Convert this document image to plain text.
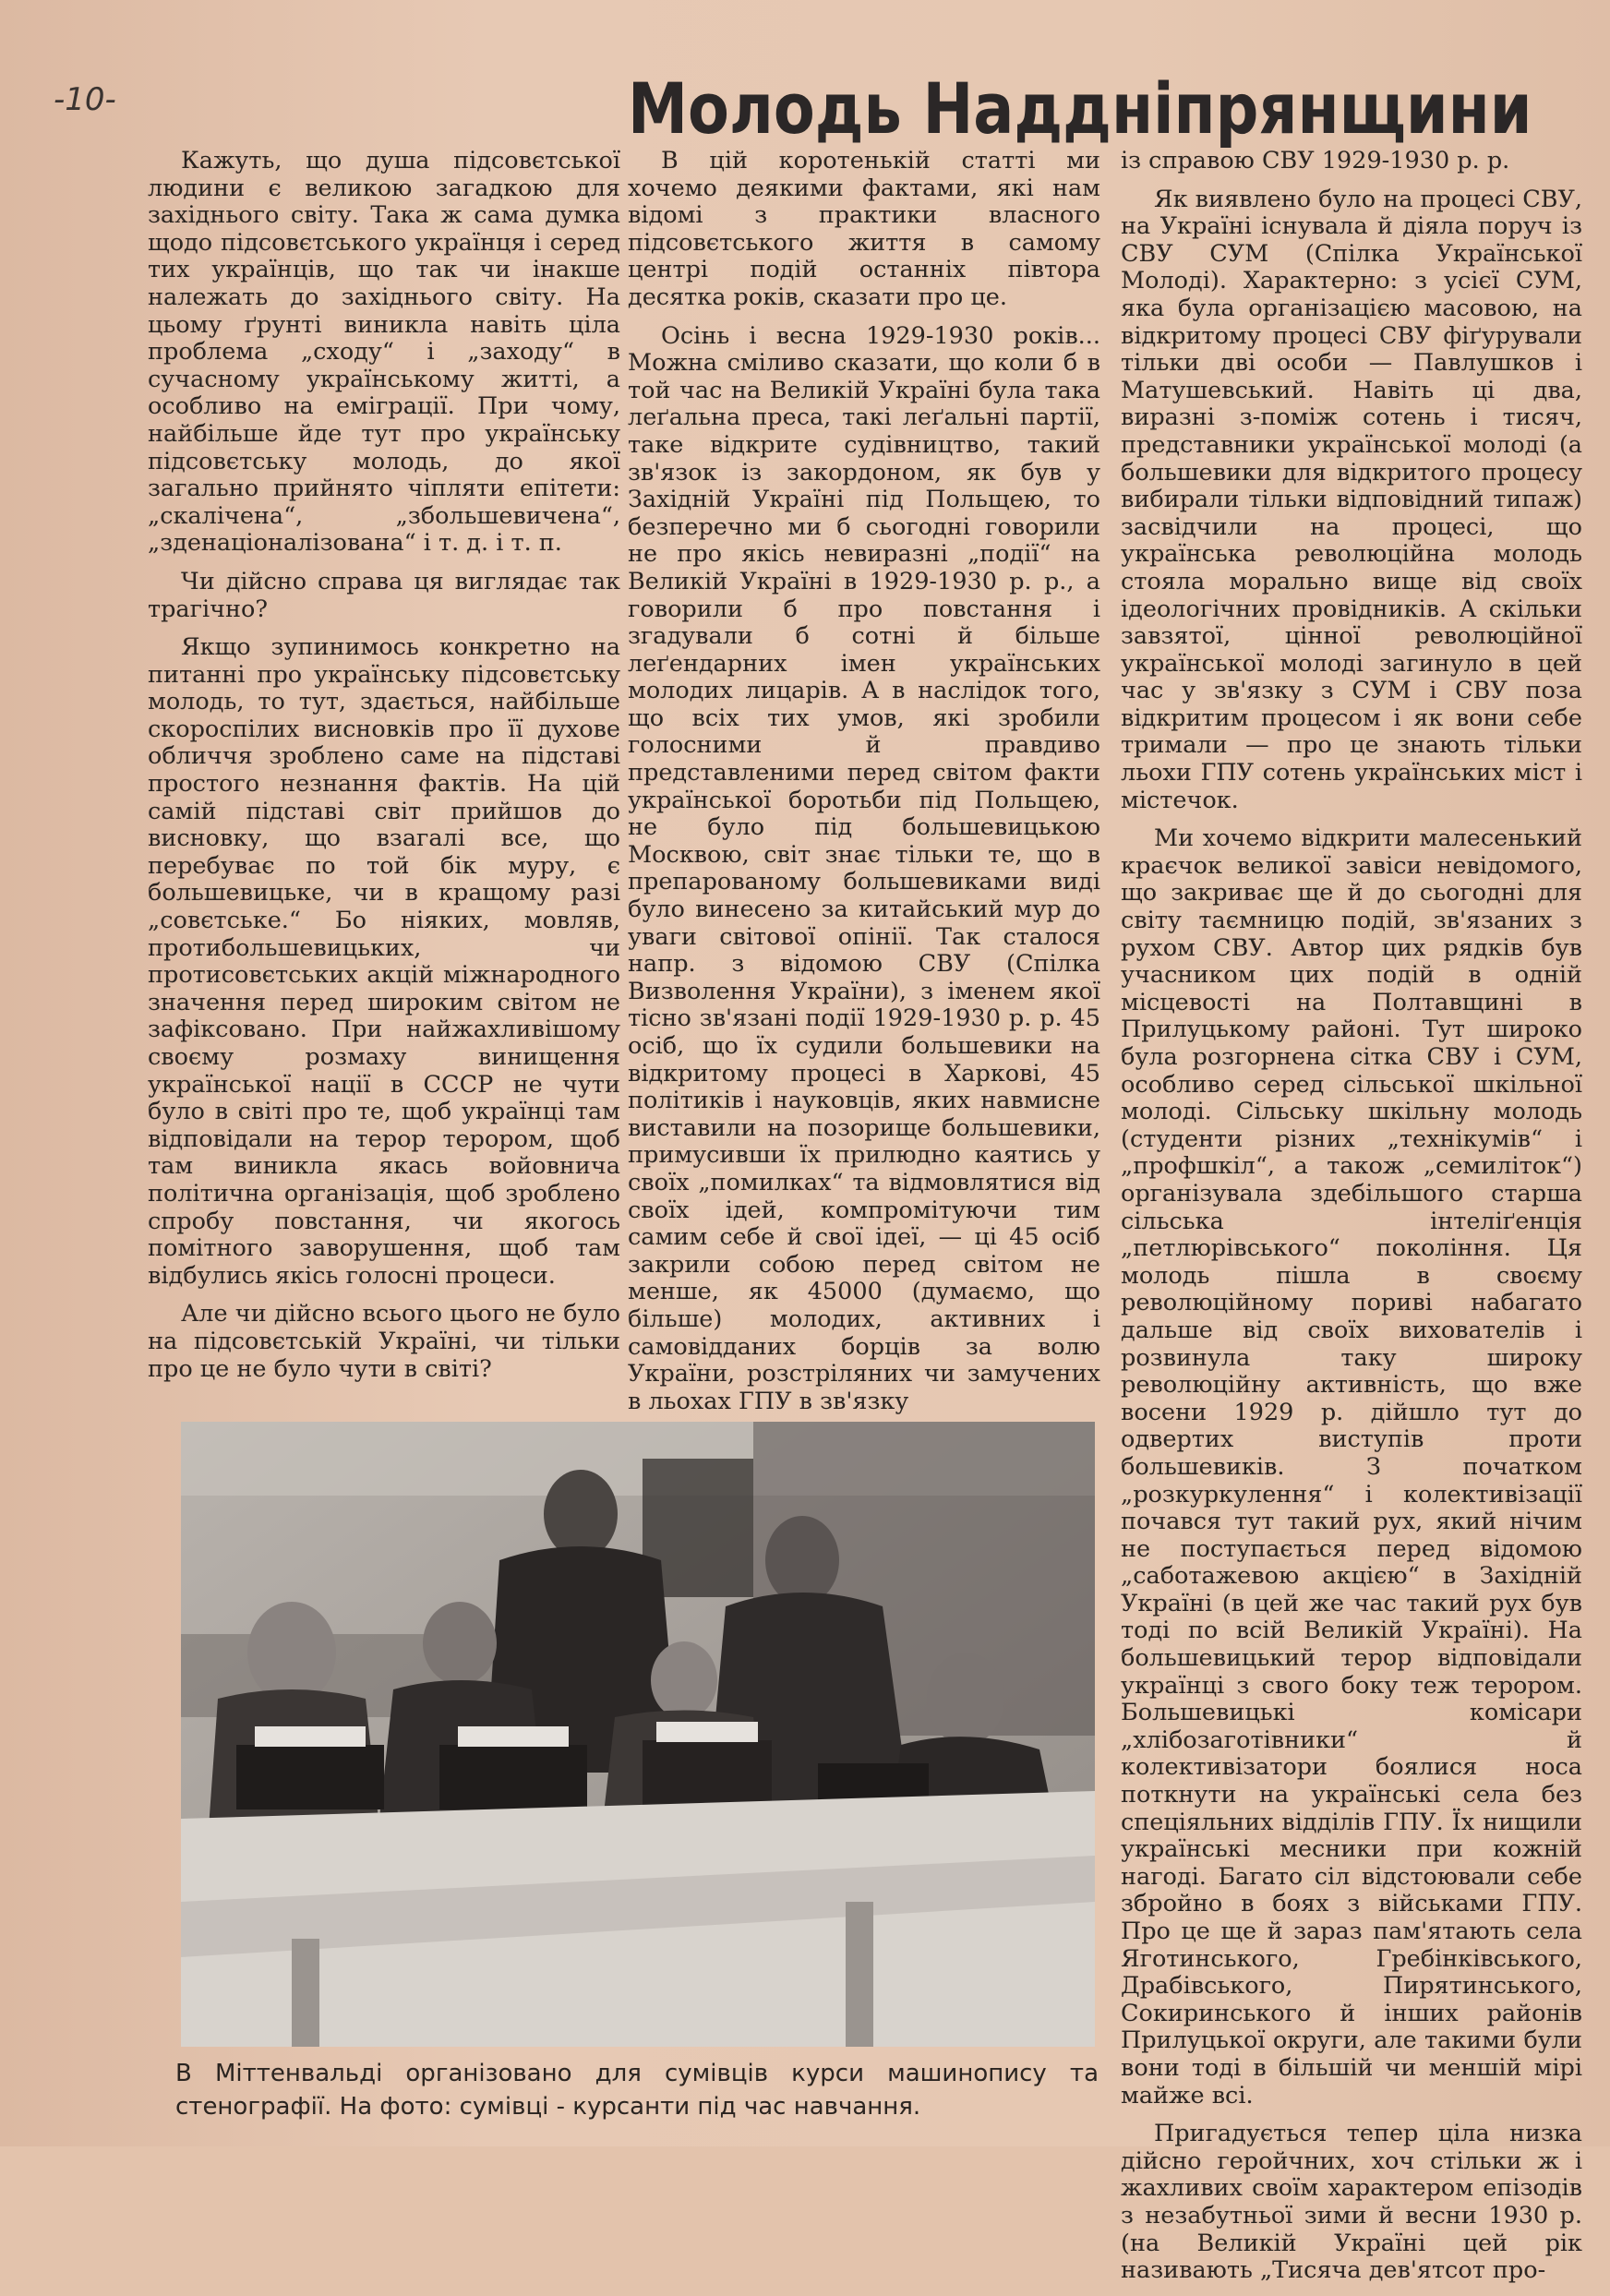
-10-	Молодь Наддніпрянщини

Кажуть, що душа підсовєтської людини є великою загадкою для західнього світу. Така ж сама думка щодо підсовєтського українця і серед тих українців, що так чи інакше належать до західнього світу. На цьому ґрунті виникла навіть ціла проблема „сходу“ і „заходу“ в сучасному українському житті, а особливо на еміграції. При чому, найбільше йде тут про українську підсовєтську молодь, до якої загально прийнято чіпляти епітети: „скалічена“, „збольшевичена“, „зденаціоналізована“ і т. д. і т. п.

Чи дійсно справа ця виглядає так трагічно?

Якщо зупинимось конкретно на питанні про українську підсовєтську молодь, то тут, здається, найбільше скороспілих висновків про її духове обличчя зроблено саме на підставі простого незнання фактів. На цій самій підставі світ прийшов до висновку, що взагалі все, що перебуває по той бік муру, є большевицьке, чи в кращому разі „совєтське.“ Бо ніяких, мовляв, протибольшевицьких, чи протисовєтських акцій міжнародного значення перед широким світом не зафіксовано. При найжахливішому своєму розмаху винищення української нації в СССР не чути було в світі про те, щоб українці там відповідали на терор терором, щоб там виникла якась войовнича політична організація, щоб зроблено спробу повстання, чи якогось помітного заворушення, щоб там відбулись якісь голосні процеси.

Але чи дійсно всього цього не було на підсовєтській Україні, чи тільки про це не було чути в світі?

В цій коротенькій статті ми хочемо деякими фактами, які нам відомі з практики власного підсовєтського життя в самому центрі подій останніх півтора десятка років, сказати про це.

Осінь і весна 1929-1930 років... Можна сміливо сказати, що коли б в той час на Великій Україні була така леґальна преса, такі леґальні партії, таке відкрите судівництво, такий зв'язок із закордоном, як був у Західній Україні під Польщею, то безперечно ми б сьогодні говорили не про якісь невиразні „події“ на Великій Україні в 1929-1930 р. р., а говорили б про повстання і згадували б сотні й більше леґендарних імен українських молодих лицарів. А в наслідок того, що всіх тих умов, які зробили голосними й правдиво представленими перед світом факти української боротьби під Польщею, не було під большевицькою Москвою, світ знає тільки те, що в препарованому большевиками виді було винесено за китайський мур до уваги світової опінії. Так сталося напр. з відомою СВУ (Спілка Визволення України), з іменем якої тісно зв'язані події 1929-1930 р. р. 45 осіб, що їх судили большевики на відкритому процесі в Харкові, 45 політиків і науковців, яких навмисне виставили на позорище большевики, примусивши їх прилюдно каятись у своїх „помилках“ та відмовлятися від своїх ідей, компромітуючи тим самим себе й свої ідеї, — ці 45 осіб закрили собою перед світом не менше, як 45000 (думаємо, що більше) молодих, активних і самовідданих борців за волю України, розстріляних чи замучених в льохах ГПУ в зв'язку

із справою СВУ 1929-1930 р. р.

Як виявлено було на процесі СВУ, на Україні існувала й діяла поруч із СВУ СУМ (Спілка Української Молоді). Характерно: з усієї СУМ, яка була організацією масовою, на відкритому процесі СВУ фіґурували тільки дві особи — Павлушков і Матушевський. Навіть ці два, виразні з-поміж сотень і тисяч, представники української молоді (а большевики для відкритого процесу вибирали тільки відповідний типаж) засвідчили на процесі, що українська революційна молодь стояла морально вище від своїх ідеологічних провідників. А скільки завзятої, цінної революційної української молоді загинуло в цей час у зв'язку з СУМ і СВУ поза відкритим процесом і як вони себе тримали — про це знають тільки льохи ГПУ сотень українських міст і містечок.

Ми хочемо відкрити малесенький краєчок великої завіси невідомого, що закриває ще й до сьогодні для світу таємницю подій, зв'язаних з рухом СВУ. Автор цих рядків був учасником цих подій в одній місцевості на Полтавщині в Прилуцькому районі. Тут широко була розгорнена сітка СВУ і СУМ, особливо серед сільської шкільної молоді. Сільську шкільну молодь (студенти різних „технікумів“ і „профшкіл“, а також „семиліток“) організувала здебільшого старша сільська інтеліґенція „петлюрівського“ покоління. Ця молодь пішла в своєму революційному пориві набагато дальше від своїх вихователів і розвинула таку широку революційну активність, що вже восени 1929 р. дійшло тут до одвертих виступів проти большевиків. З початком „розкуркулення“ і колективізації почався тут такий рух, який нічим не поступається перед відомою „саботажевою акцією“ в Західній Україні (в цей же час такий рух був тоді по всій Великій Україні). На большевицький терор відповідали українці з свого боку теж терором. Большевицькі комісари „хлібозаготівники“ й колективізатори боялися носа поткнути на українські села без спеціяльних відділів ГПУ. Їх нищили українські месники при кожній нагоді. Багато сіл відстоювали себе збройно в боях з військами ГПУ. Про це ще й зараз пам'ятають села Яготинського, Гребінківського, Драбівського, Пирятинського, Сокиринського й інших районів Прилуцької округи, але такими були вони тоді в більшій чи меншій мірі майже всі.

Пригадується тепер ціла низка дійсно геройчних, хоч стільки ж і жахливих своїм характером епізодів з незабутньої зими й весни 1930 р. (на Великій Україні цей рік називають „Тисяча дев'ятсот про-

В Міттенвальді організовано для сумівців курси машинопису та стенографії. На фото: сумівці - курсанти під час навчання.
